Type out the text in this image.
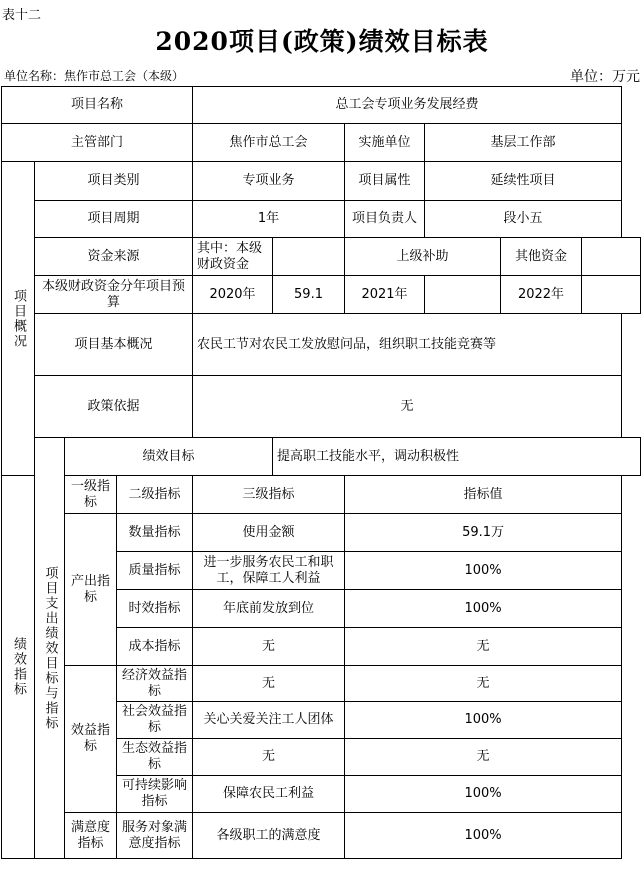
表十二
2020项目(政策)绩效目标表
单位名称：焦作市总工会（本级）	单位：万元
项目名称				总工会专项业务发展经费					
主管部门				焦作市总工会		实施单位	基层工作部		

项目概况	项目类别			专项业务		项目属性	延续性项目		
	项目周期			1年		项目负责人	段小五		
	资金来源			其中：本级财政资金		上级补助		其他资金	
	本级财政资金分年项目预算			2020年	59.1	2021年		2022年	
	项目基本概况			农民工节对农民工发放慰问品，组织职工技能竞赛等					
	政策依据			无					

	项目支出绩效目标与指标	绩效目标			提高职工技能水平，调动积极性				

绩效指标		一级指标	二级指标	三级指标		指标值			
		产出指标	数量指标	使用金额		59.1万			
			质量指标	进一步服务农民工和职工，保障工人利益		100%			
			时效指标	年底前发放到位		100%			
			成本指标	无		无			
		效益指标	经济效益指标	无		无			
			社会效益指标	关心关爱关注工人团体		100%			
			生态效益指标	无		无			
			可持续影响指标	保障农民工利益		100%			
		满意度指标	服务对象满意度指标	各级职工的满意度		100%			
